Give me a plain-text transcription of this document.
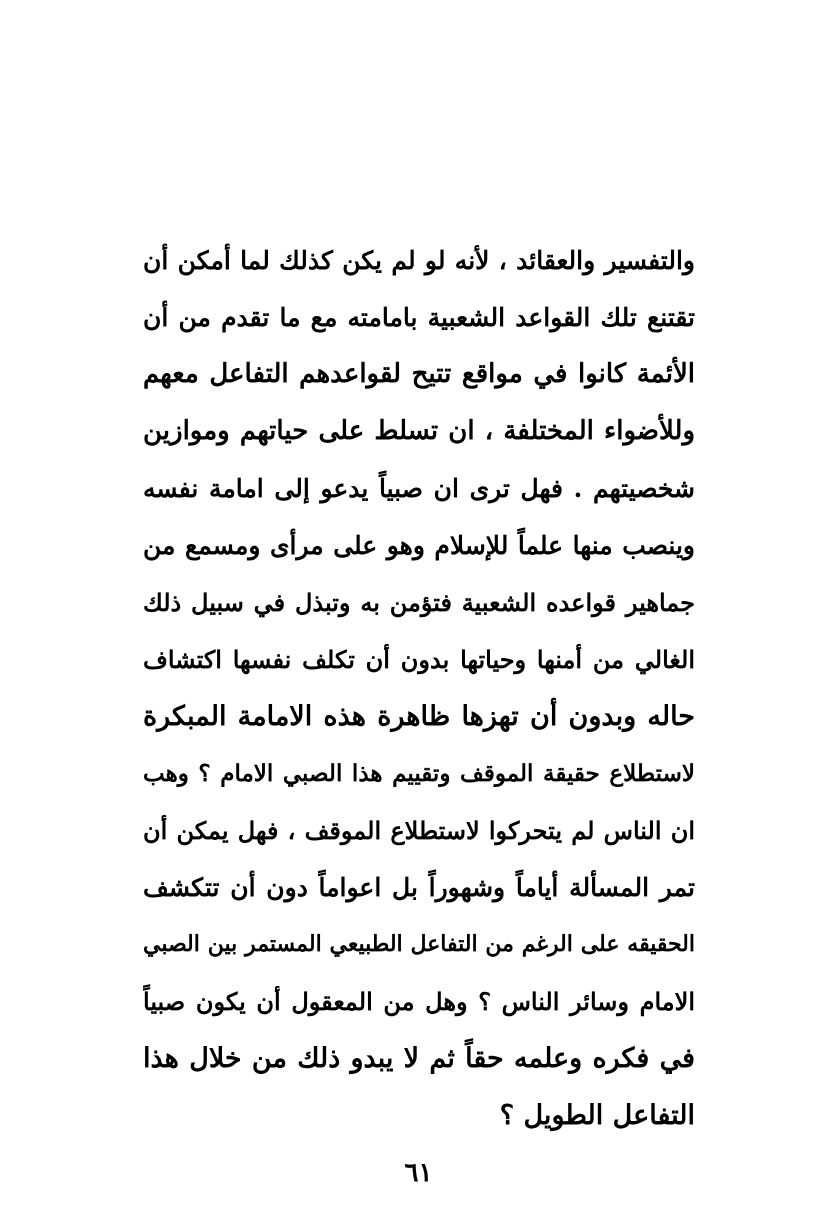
والتفسير والعقائد ، لأنه لو لم يكن كذلك لما أمكن أن
تقتنع تلك القواعد الشعبية بامامته مع ما تقدم من أن
الأئمة كانوا في مواقع تتيح لقواعدهم التفاعل معهم
وللأضواء المختلفة ، ان تسلط على حياتهم وموازين
شخصيتهم . فهل ترى ان صبياً يدعو إلى امامة نفسه
وينصب منها علماً للإسلام وهو على مرأى ومسمع من
جماهير قواعده الشعبية فتؤمن به وتبذل في سبيل ذلك
الغالي من أمنها وحياتها بدون أن تكلف نفسها اكتشاف
حاله وبدون أن تهزها ظاهرة هذه الامامة المبكرة
لاستطلاع حقيقة الموقف وتقييم هذا الصبي الامام ؟ وهب
ان الناس لم يتحركوا لاستطلاع الموقف ، فهل يمكن أن
تمر المسألة أياماً وشهوراً بل اعواماً دون أن تتكشف
الحقيقه على الرغم من التفاعل الطبيعي المستمر بين الصبي
الامام وسائر الناس ؟ وهل من المعقول أن يكون صبياً
في فكره وعلمه حقاً ثم لا يبدو ذلك من خلال هذا
التفاعل الطويل ؟
٦١
